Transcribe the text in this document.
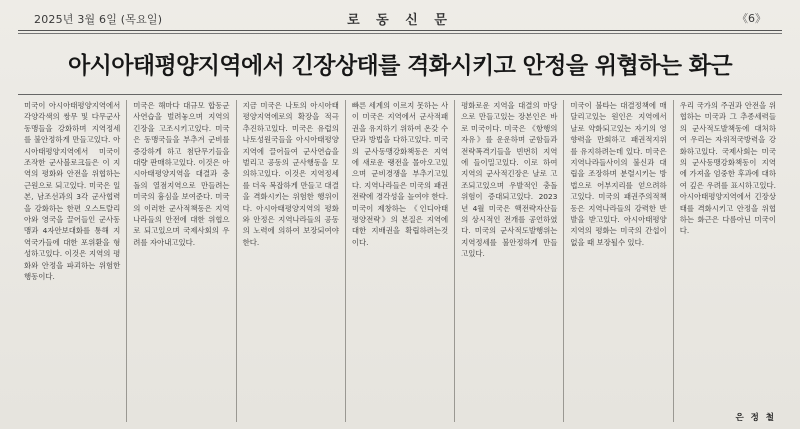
2025년 3월 6일 (목요일)	로 동 신 문	《6》
아시아태평양지역에서 긴장상태를 격화시키고 안정을 위협하는 화근
미국이 아시아태평양지역에서 각양각색의 쌍무 및 다무군사동맹들을 강화하며 지역정세를 불안정하게 만들고있다. 아시아태평양지역에서 미국이 조작한 군사블로크들은 이 지역의 평화와 안전을 위협하는 근원으로 되고있다. 미국은 일본, 남조선과의 3각 군사협력을 강화하는 한편 오스트랄리아와 영국을 끌어들인 군사동맹과 4자안보대화를 통해 지역국가들에 대한 포위환을 형성하고있다. 이것은 지역의 평화와 안정을 파괴하는 위험한 행동이다.
미국은 해마다 대규모 합동군사연습을 벌려놓으며 지역의 긴장을 고조시키고있다. 미국은 동맹국들을 부추겨 군비를 증강하게 하고 첨단무기들을 대량 판매하고있다. 이것은 아시아태평양지역을 대결과 충돌의 열점지역으로 만들려는 미국의 흉심을 보여준다. 미국의 이러한 군사적책동은 지역나라들의 안전에 대한 위협으로 되고있으며 국제사회의 우려를 자아내고있다.
지금 미국은 나토의 아시아태평양지역에로의 확장을 적극 추진하고있다. 미국은 유럽의 나토성원국들을 아시아태평양지역에 끌어들여 군사연습을 벌리고 공동의 군사행동을 모의하고있다. 이것은 지역정세를 더욱 복잡하게 만들고 대결을 격화시키는 위험한 행위이다. 아시아태평양지역의 평화와 안정은 지역나라들의 공동의 노력에 의하여 보장되여야 한다.
빠른 세계의 이르지 못하는 사이 미국은 지역에서 군사적패권을 유지하기 위하여 온갖 수단과 방법을 다하고있다. 미국의 군사동맹강화책동은 지역에 새로운 랭전을 몰아오고있으며 군비경쟁을 부추기고있다. 지역나라들은 미국의 패권전략에 경각성을 높여야 한다. 미국이 제창하는 《인디아태평양전략》의 본질은 지역에 대한 지배권을 확립하려는것이다.
평화로운 지역을 대결의 마당으로 만들고있는 장본인은 바로 미국이다. 미국은 《항행의 자유》를 운운하며 군함들과 전략폭격기들을 빈번히 지역에 들이밀고있다. 이로 하여 지역의 군사적긴장은 날로 고조되고있으며 우발적인 충돌위험이 증대되고있다. 2023년 4월 미국은 핵전략자산들의 상시적인 전개를 공언하였다. 미국의 군사적도발행위는 지역정세를 불안정하게 만들고있다.
미국이 불타는 대결정책에 매달리고있는 원인은 지역에서 날로 약화되고있는 자기의 영향력을 만회하고 패권적지위를 유지하려는데 있다. 미국은 지역나라들사이의 불신과 대립을 조장하며 분렬시키는 방법으로 어부지리를 얻으려하고있다. 미국의 패권주의적책동은 지역나라들의 강력한 반발을 받고있다. 아시아태평양지역의 평화는 미국의 간섭이 없을 때 보장될수 있다.
우리 국가의 주권과 안전을 위협하는 미국과 그 추종세력들의 군사적도발책동에 대처하여 우리는 자위적국방력을 강화하고있다. 국제사회는 미국의 군사동맹강화책동이 지역에 가져올 엄중한 후과에 대하여 깊은 우려를 표시하고있다. 아시아태평양지역에서 긴장상태를 격화시키고 안정을 위협하는 화근은 다름아닌 미국이다.
은 정 철
